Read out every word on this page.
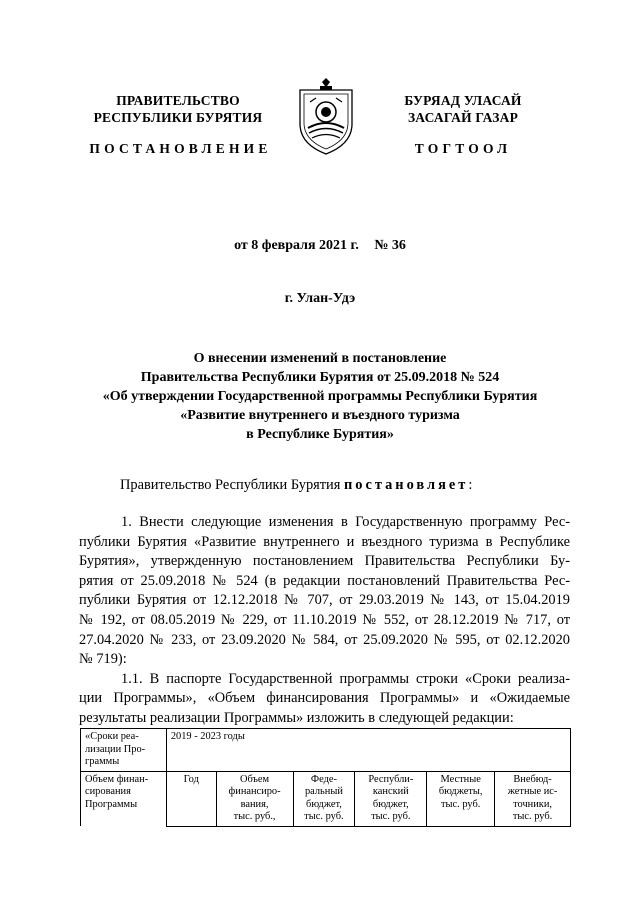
ПРАВИТЕЛЬСТВО
РЕСПУБЛИКИ БУРЯТИЯ
ПОСТАНОВЛЕНИЕ
БУРЯАД УЛАСАЙ
ЗАСАГАЙ ГАЗАР
ТОГТООЛ
от 8 февраля 2021 г. № 36
г. Улан-Удэ
О внесении изменений в постановление
Правительства Республики Бурятия от 25.09.2018 № 524
«Об утверждении Государственной программы Республики Бурятия
«Развитие внутреннего и въездного туризма
в Республике Бурятия»
Правительство Республики Бурятия постановляет:
1. Внести следующие изменения в Государственную программу Рес-
публики Бурятия «Развитие внутреннего и въездного туризма в Республике
Бурятия», утвержденную постановлением Правительства Республики Бу-
рятия от 25.09.2018 № 524 (в редакции постановлений Правительства Рес-
публики Бурятия от 12.12.2018 № 707, от 29.03.2019 № 143, от 15.04.2019
№ 192, от 08.05.2019 № 229, от 11.10.2019 № 552, от 28.12.2019 № 717, от
27.04.2020 № 233, от 23.09.2020 № 584, от 25.09.2020 № 595, от 02.12.2020
№ 719):
1.1. В паспорте Государственной программы строки «Сроки реализа-
ции Программы», «Объем финансирования Программы» и «Ожидаемые
результаты реализации Программы» изложить в следующей редакции:
«Сроки реа-
лизации Про-
граммы	2019 - 2023 годы					
Объем финан-
сирования
Программы	Год	Объем
финансиро-
вания,
тыс. руб.,	Феде-
ральный
бюджет,
тыс. руб.	Республи-
канский
бюджет,
тыс. руб.	Местные
бюджеты,
тыс. руб.	Внебюд-
жетные ис-
точники,
тыс. руб.
